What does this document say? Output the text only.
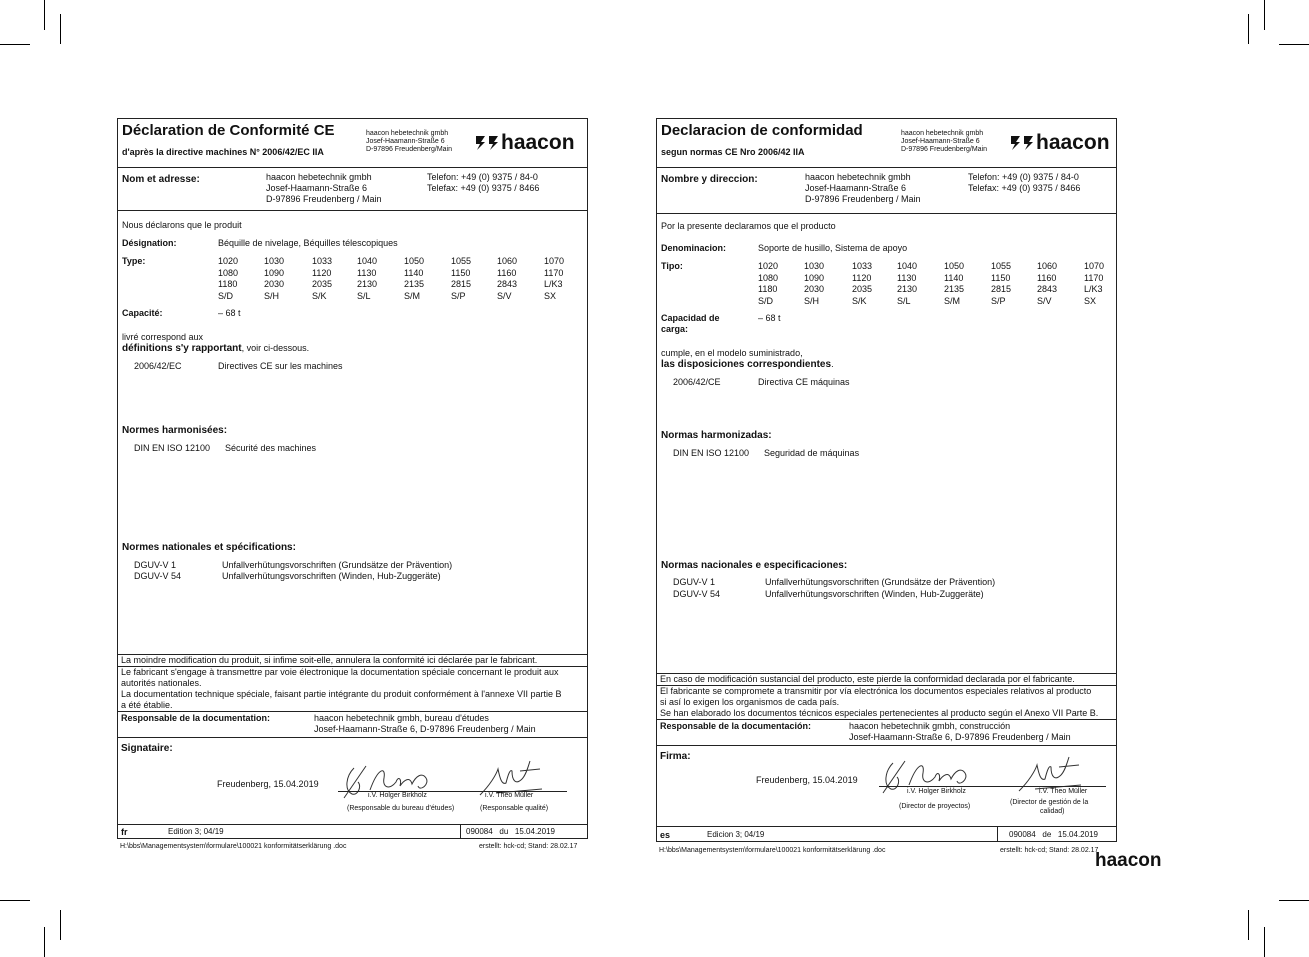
Déclaration de Conformité CE
d'après la directive machines N° 2006/42/EC IIA
haacon hebetechnik gmbh
Josef-Haamann-Straße 6
D-97896 Freudenberg/Main haacon
Nom et adresse:	haacon hebetechnik gmbh
Josef-Haamann-Straße 6
D-97896 Freudenberg / Main
Telefon: +49 (0) 9375 / 84-0
Telefax: +49 (0) 9375 / 8466
Nous déclarons que le produit
Désignation:	Béquille de nivelage, Béquilles télescopiques
Type:	1020	1030	1033	1040	1050	1055	1060	1070
1080	1090	1120	1130	1140	1150	1160	1170
1180	2030	2035	2130	2135	2815	2843	L/K3
S/D	S/H	S/K	S/L	S/M	S/P	S/V	SX
Capacité:	– 68 t
livré correspond aux
définitions s'y rapportant, voir ci-dessous.
2006/42/EC	Directives CE sur les machines
Normes harmonisées:
DIN EN ISO 12100 Sécurité des machines
Normes nationales et spécifications:
DGUV-V 1	Unfallverhütungsvorschriften (Grundsätze der Prävention)
DGUV-V 54	Unfallverhütungsvorschriften (Winden, Hub-Zuggeräte)
La moindre modification du produit, si infime soit-elle, annulera la conformité ici déclarée par le fabricant.
Le fabricant s'engage à transmettre par voie électronique la documentation spéciale concernant le produit aux
autorités nationales.
La documentation technique spéciale, faisant partie intégrante du produit conformément à l'annexe VII partie B
a été établie.
Responsable de la documentation:	haacon hebetechnik gmbh, bureau d'études
Josef-Haamann-Straße 6, D-97896 Freudenberg / Main
Signataire:
Freudenberg, 15.04.2019
i.V. Holger Birkholz
(Responsable du bureau d'études)
i.V. Theo Müller
(Responsable qualité)
fr	Edition 3; 04/19	090084   du   15.04.2019
H:\bbs\Managementsystem\formulare\100021 konformitätserklärung .doc	erstellt: hck-cd; Stand: 28.02.17
Declaracion de conformidad
segun normas CE Nro 2006/42 IIA
haacon hebetechnik gmbh
Josef-Haamann-Straße 6
D-97896 Freudenberg/Main haacon
Nombre y direccion:	haacon hebetechnik gmbh
Josef-Haamann-Straße 6
D-97896 Freudenberg / Main
Telefon: +49 (0) 9375 / 84-0
Telefax: +49 (0) 9375 / 8466
Por la presente declaramos que el producto
Denominacion:	Soporte de husillo, Sistema de apoyo
Tipo:	1020	1030	1033	1040	1050	1055	1060	1070
1080	1090	1120	1130	1140	1150	1160	1170
1180	2030	2035	2130	2135	2815	2843	L/K3
S/D	S/H	S/K	S/L	S/M	S/P	S/V	SX
Capacidad de
carga:
– 68 t
cumple, en el modelo suministrado,
las disposiciones correspondientes.
2006/42/CE	Directiva CE máquinas
Normas harmonizadas:
DIN EN ISO 12100 Seguridad de máquinas
Normas nacionales e especificaciones:
DGUV-V 1	Unfallverhütungsvorschriften (Grundsätze der Prävention)
DGUV-V 54	Unfallverhütungsvorschriften (Winden, Hub-Zuggeräte)
En caso de modificación sustancial del producto, este pierde la conformidad declarada por el fabricante.
El fabricante se compromete a transmitir por vía electrónica los documentos especiales relativos al producto
si así lo exigen los organismos de cada país.
Se han elaborado los documentos técnicos especiales pertenecientes al producto según el Anexo VII Parte B.
Responsable de la documentación:	haacon hebetechnik gmbh, construcción
Josef-Haamann-Straße 6, D-97896 Freudenberg / Main
Firma:
Freudenberg, 15.04.2019
i.V. Holger Birkholz
(Director de proyectos)
i.V. Theo Müller
(Director de gestión de la
calidad)
es	Edicion 3; 04/19	090084   de   15.04.2019
H:\bbs\Managementsystem\formulare\100021 konformitätserklärung .doc	erstellt: hck-cd; Stand: 28.02.17
haacon
